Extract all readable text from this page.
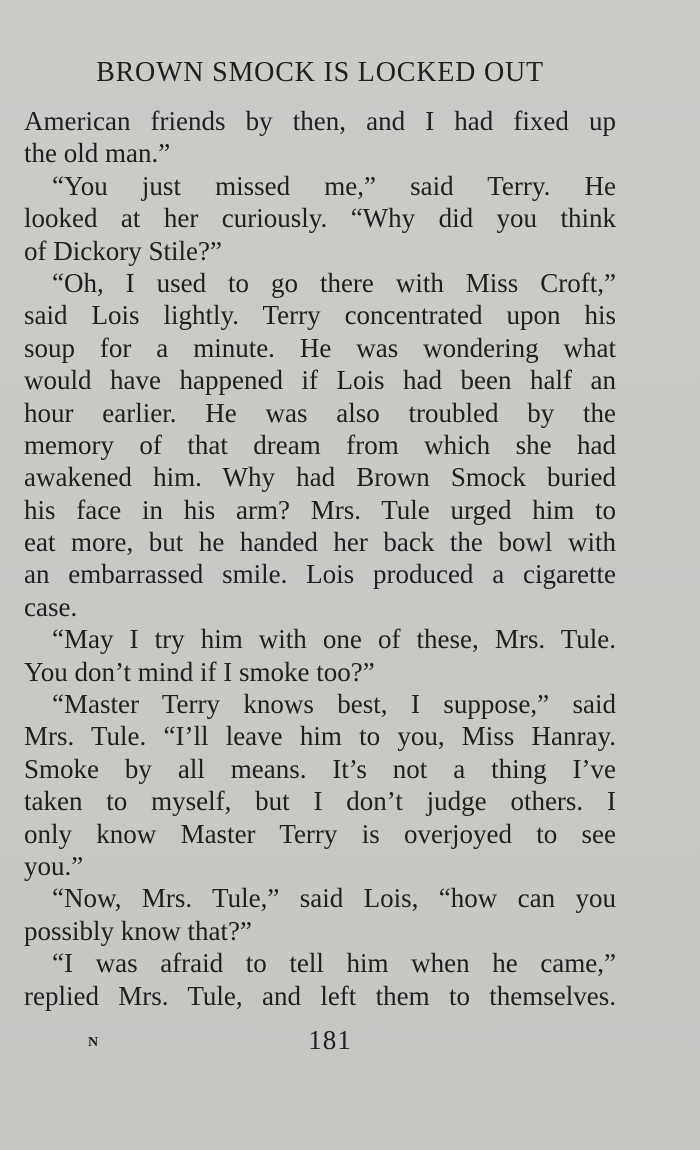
BROWN SMOCK IS LOCKED OUT
American friends by then, and I had fixed up
the old man.”
“You just missed me,” said Terry. He
looked at her curiously. “Why did you think
of Dickory Stile?”
“Oh, I used to go there with Miss Croft,”
said Lois lightly. Terry concentrated upon his
soup for a minute. He was wondering what
would have happened if Lois had been half an
hour earlier. He was also troubled by the
memory of that dream from which she had
awakened him. Why had Brown Smock buried
his face in his arm? Mrs. Tule urged him to
eat more, but he handed her back the bowl with
an embarrassed smile. Lois produced a cigarette
case.
“May I try him with one of these, Mrs. Tule.
You don’t mind if I smoke too?”
“Master Terry knows best, I suppose,” said
Mrs. Tule. “I’ll leave him to you, Miss Hanray.
Smoke by all means. It’s not a thing I’ve
taken to myself, but I don’t judge others. I
only know Master Terry is overjoyed to see
you.”
“Now, Mrs. Tule,” said Lois, “how can you
possibly know that?”
“I was afraid to tell him when he came,”
replied Mrs. Tule, and left them to themselves.
N	181
